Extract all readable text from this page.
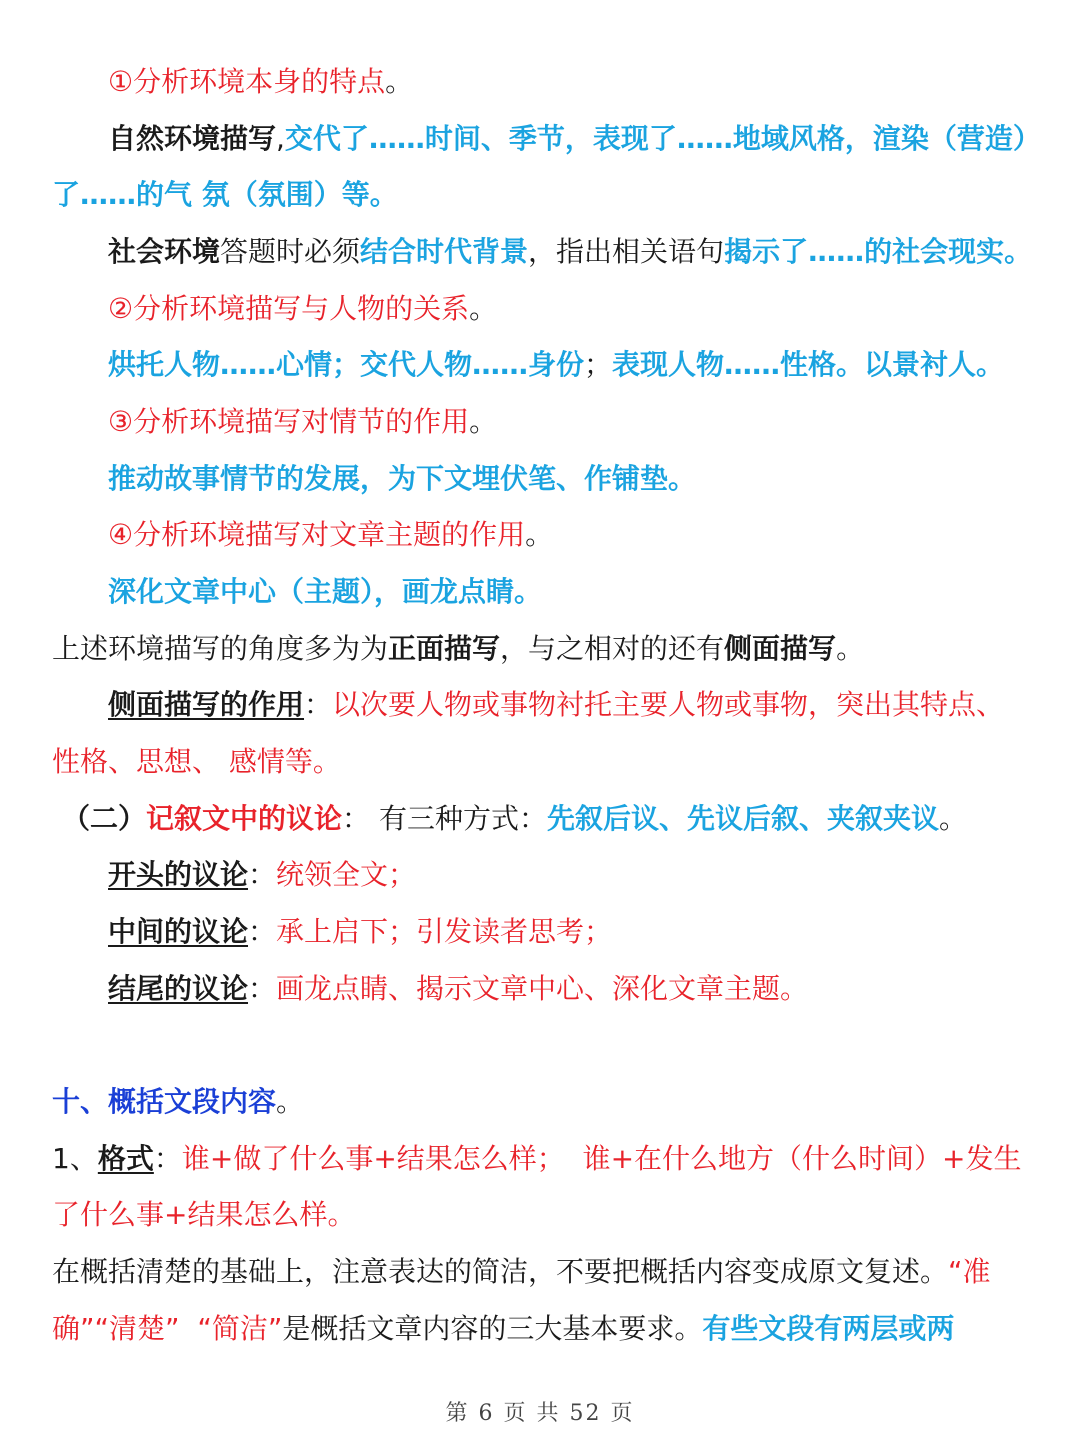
①分析环境本身的特点。
自然环境描写,交代了……时间、季节，表现了……地域风格，渲染（营造）
了……的气 氛（氛围）等。
社会环境答题时必须结合时代背景，指出相关语句揭示了……的社会现实。
②分析环境描写与人物的关系。
烘托人物……心情；交代人物……身份；表现人物……性格。以景衬人。
③分析环境描写对情节的作用。
推动故事情节的发展，为下文埋伏笔、作铺垫。
④分析环境描写对文章主题的作用。
深化文章中心（主题），画龙点睛。
上述环境描写的角度多为为正面描写，与之相对的还有侧面描写。
侧面描写的作用：以次要人物或事物衬托主要人物或事物，突出其特点、
性格、思想、 感情等。
（二）记叙文中的议论： 有三种方式：先叙后议、先议后叙、夹叙夹议。
开头的议论：统领全文；
中间的议论：承上启下；引发读者思考；
结尾的议论：画龙点睛、揭示文章中心、深化文章主题。
十、概括文段内容。
1、格式：谁+做了什么事+结果怎么样；  谁+在什么地方（什么时间）+发生
了什么事+结果怎么样。
在概括清楚的基础上，注意表达的简洁，不要把概括内容变成原文复述。“准
确”“清楚”  “简洁”是概括文章内容的三大基本要求。有些文段有两层或两
第 6 页 共 52 页
